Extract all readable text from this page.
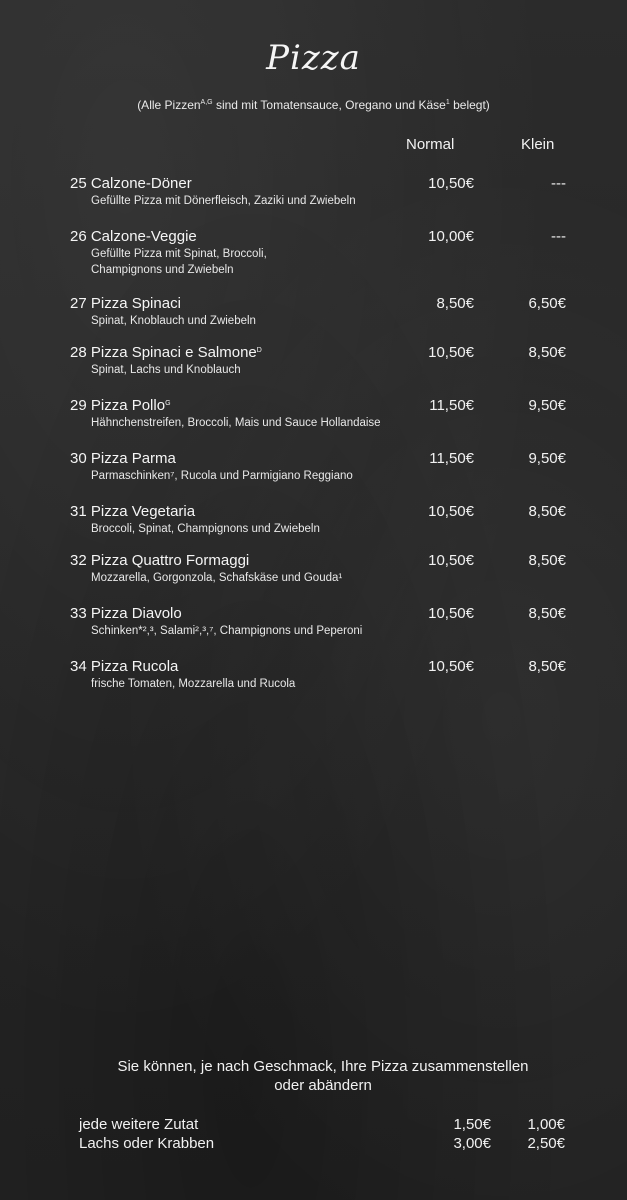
Pizza
(Alle Pizzen$^{A,G}$ sind mit Tomatensauce, Oregano und Käse$^1$ belegt)
Normal	Klein
25 Calzone-Döner
Gefüllte Pizza mit Dönerfleisch, Zaziki und Zwiebeln
10,50€	---
26 Calzone-Veggie
Gefüllte Pizza mit Spinat, Broccoli,
Champignons und Zwiebeln
10,00€	---
27 Pizza Spinaci
Spinat, Knoblauch und Zwiebeln
8,50€	6,50€
28 Pizza Spinaci e Salmone$^D$
Spinat, Lachs und Knoblauch
10,50€	8,50€
29 Pizza Pollo$^G$
Hähnchenstreifen, Broccoli, Mais und Sauce Hollandaise
11,50€	9,50€
30 Pizza Parma
Parmaschinken⁷, Rucola und Parmigiano Reggiano
11,50€	9,50€
31 Pizza Vegetaria
Broccoli, Spinat, Champignons und Zwiebeln
10,50€	8,50€
32 Pizza Quattro Formaggi
Mozzarella, Gorgonzola, Schafskäse und Gouda¹
10,50€	8,50€
33 Pizza Diavolo
Schinken*²,³, Salami²,³,⁷, Champignons und Peperoni
10,50€	8,50€
34 Pizza Rucola
frische Tomaten, Mozzarella und Rucola
10,50€	8,50€
Sie können, je nach Geschmack, Ihre Pizza zusammenstellen
oder abändern
jede weitere Zutat	1,50€ 1,00€
Lachs oder Krabben	3,00€ 2,50€
